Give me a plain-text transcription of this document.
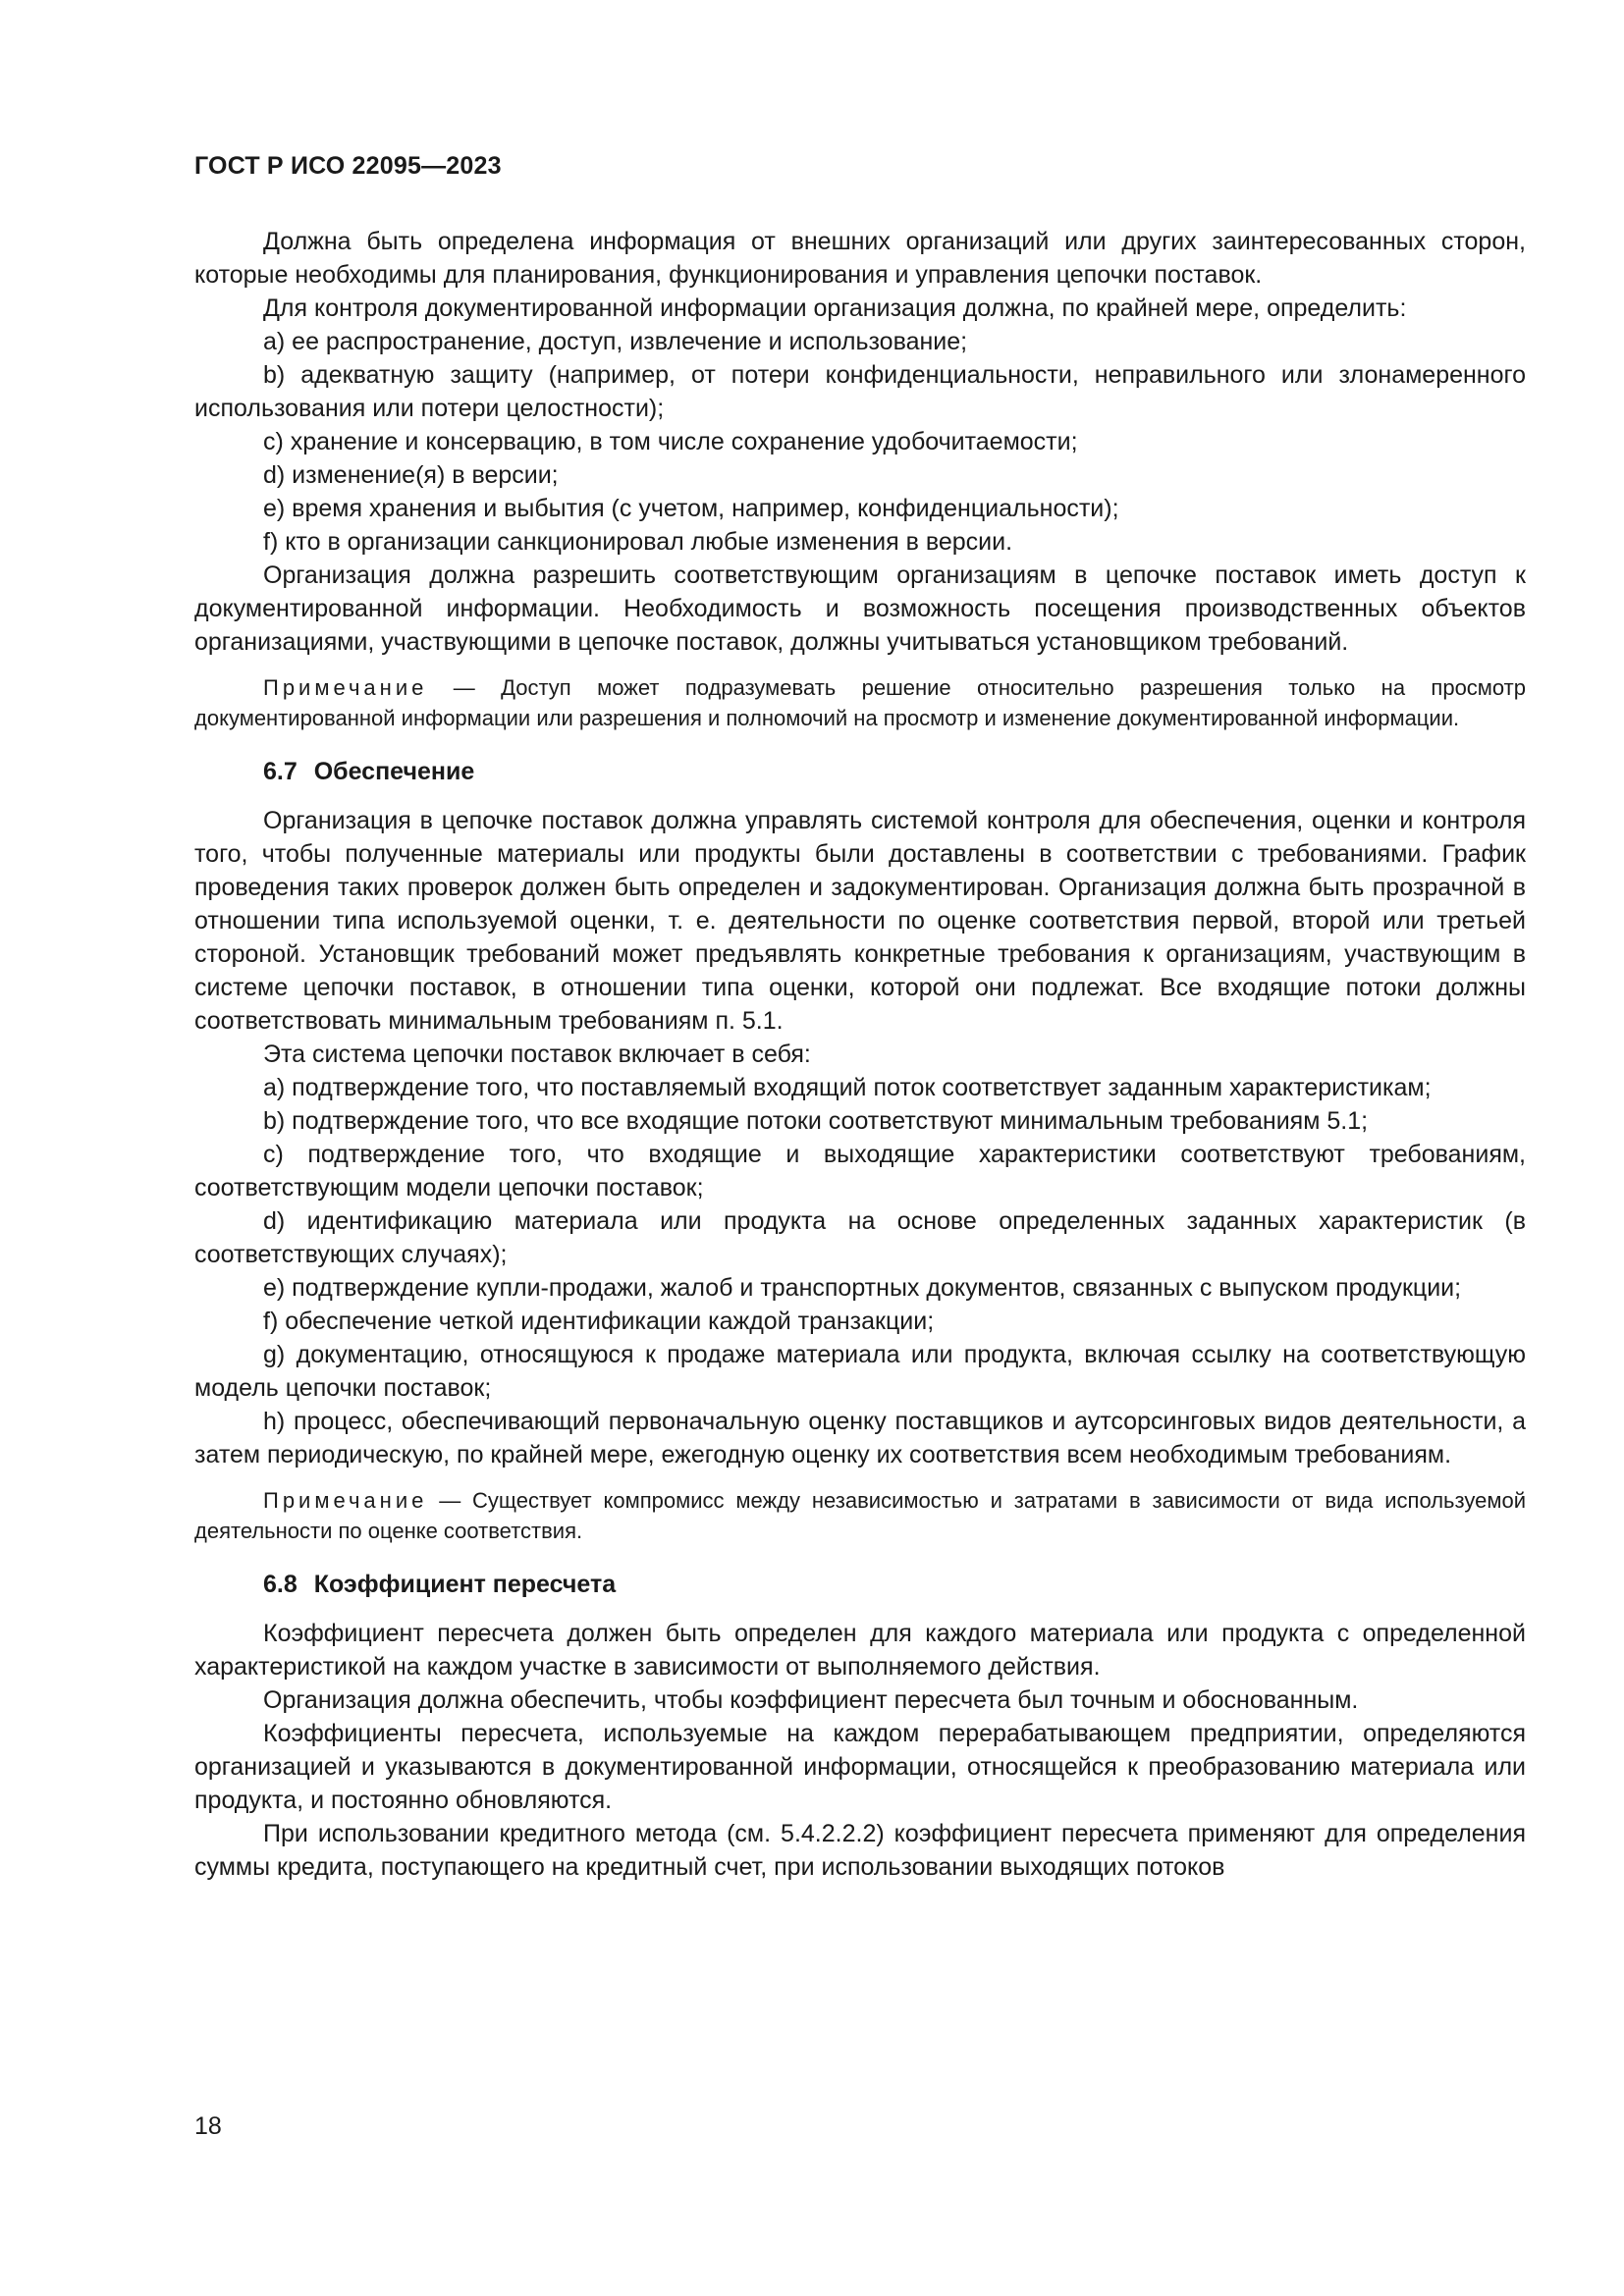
ГОСТ Р ИСО 22095—2023

Должна быть определена информация от внешних организаций или других заинтересованных сторон, которые необходимы для планирования, функционирования и управления цепочки поставок.

Для контроля документированной информации организация должна, по крайней мере, определить:

a) ее распространение, доступ, извлечение и использование;

b) адекватную защиту (например, от потери конфиденциальности, неправильного или злонамеренного использования или потери целостности);

c) хранение и консервацию, в том числе сохранение удобочитаемости;

d) изменение(я) в версии;

e) время хранения и выбытия (с учетом, например, конфиденциальности);

f) кто в организации санкционировал любые изменения в версии.

Организация должна разрешить соответствующим организациям в цепочке поставок иметь доступ к документированной информации. Необходимость и возможность посещения производственных объектов организациями, участвующими в цепочке поставок, должны учитываться установщиком требований.

Примечание — Доступ может подразумевать решение относительно разрешения только на просмотр документированной информации или разрешения и полномочий на просмотр и изменение документированной информации.

6.7 Обеспечение

Организация в цепочке поставок должна управлять системой контроля для обеспечения, оценки и контроля того, чтобы полученные материалы или продукты были доставлены в соответствии с требованиями. График проведения таких проверок должен быть определен и задокументирован. Организация должна быть прозрачной в отношении типа используемой оценки, т. е. деятельности по оценке соответствия первой, второй или третьей стороной. Установщик требований может предъявлять конкретные требования к организациям, участвующим в системе цепочки поставок, в отношении типа оценки, которой они подлежат. Все входящие потоки должны соответствовать минимальным требованиям п. 5.1.

Эта система цепочки поставок включает в себя:

a) подтверждение того, что поставляемый входящий поток соответствует заданным характеристикам;

b) подтверждение того, что все входящие потоки соответствуют минимальным требованиям 5.1;

c) подтверждение того, что входящие и выходящие характеристики соответствуют требованиям, соответствующим модели цепочки поставок;

d) идентификацию материала или продукта на основе определенных заданных характеристик (в соответствующих случаях);

e) подтверждение купли-продажи, жалоб и транспортных документов, связанных с выпуском продукции;

f) обеспечение четкой идентификации каждой транзакции;

g) документацию, относящуюся к продаже материала или продукта, включая ссылку на соответствующую модель цепочки поставок;

h) процесс, обеспечивающий первоначальную оценку поставщиков и аутсорсинговых видов деятельности, а затем периодическую, по крайней мере, ежегодную оценку их соответствия всем необходимым требованиям.

Примечание — Существует компромисс между независимостью и затратами в зависимости от вида используемой деятельности по оценке соответствия.

6.8 Коэффициент пересчета

Коэффициент пересчета должен быть определен для каждого материала или продукта с определенной характеристикой на каждом участке в зависимости от выполняемого действия.

Организация должна обеспечить, чтобы коэффициент пересчета был точным и обоснованным.

Коэффициенты пересчета, используемые на каждом перерабатывающем предприятии, определяются организацией и указываются в документированной информации, относящейся к преобразованию материала или продукта, и постоянно обновляются.

При использовании кредитного метода (см. 5.4.2.2.2) коэффициент пересчета применяют для определения суммы кредита, поступающего на кредитный счет, при использовании выходящих потоков

18
